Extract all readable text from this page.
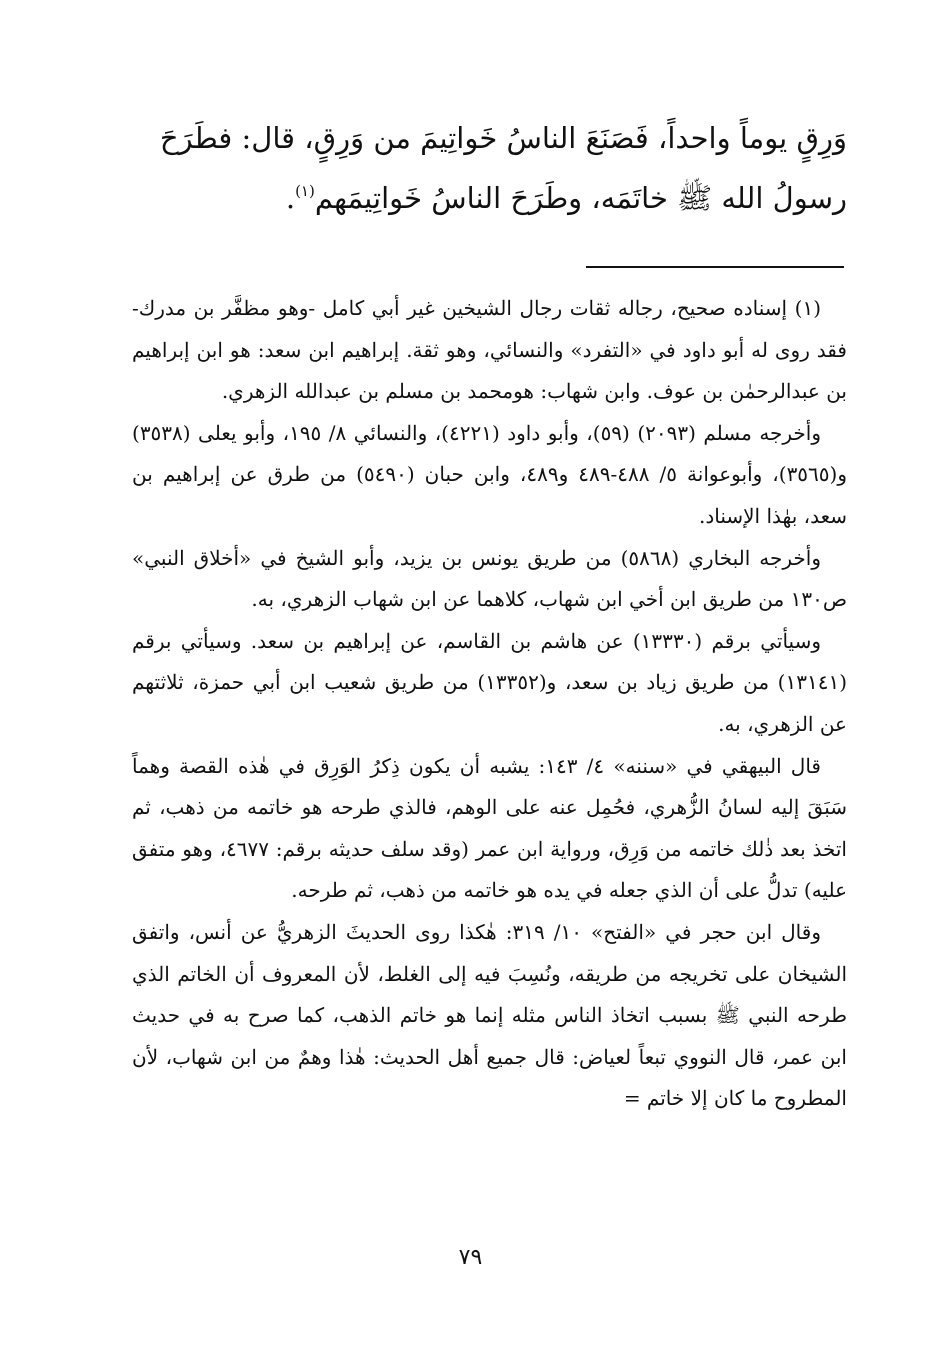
وَرِقٍ يوماً واحداً، فَصَنَعَ الناسُ خَواتِيمَ من وَرِقٍ، قال: فطَرَحَ

رسولُ الله ﷺ خاتَمَه، وطَرَحَ الناسُ خَواتِيمَهم$^{(١)}$.

(١) إسناده صحيح، رجاله ثقات رجال الشيخين غير أبي كامل -وهو مظفَّر بن مدرك- فقد روى له أبو داود في «التفرد» والنسائي، وهو ثقة. إبراهيم ابن سعد: هو ابن إبراهيم بن عبدالرحمٰن بن عوف. وابن شهاب: هومحمد بن مسلم بن عبدالله الزهري.

وأخرجه مسلم (٢٠٩٣) (٥٩)، وأبو داود (٤٢٢١)، والنسائي ٨/ ١٩٥، وأبو يعلى (٣٥٣٨) و(٣٥٦٥)، وأبوعوانة ٥/ ٤٨٨-٤٨٩ و٤٨٩، وابن حبان (٥٤٩٠) من طرق عن إبراهيم بن سعد، بهٰذا الإسناد.

وأخرجه البخاري (٥٨٦٨) من طريق يونس بن يزيد، وأبو الشيخ في «أخلاق النبي» ص١٣٠ من طريق ابن أخي ابن شهاب، كلاهما عن ابن شهاب الزهري، به.

وسيأتي برقم (١٣٣٣٠) عن هاشم بن القاسم، عن إبراهيم بن سعد. وسيأتي برقم (١٣١٤١) من طريق زياد بن سعد، و(١٣٣٥٢) من طريق شعيب ابن أبي حمزة، ثلاثتهم عن الزهري، به.

قال البيهقي في «سننه» ٤/ ١٤٣: يشبه أن يكون ذِكرُ الوَرِق في هٰذه القصة وهماً سَبَقَ إليه لسانُ الزُّهري، فحُمِل عنه على الوهم، فالذي طرحه هو خاتمه من ذهب، ثم اتخذ بعد ذٰلك خاتمه من وَرِق، ورواية ابن عمر (وقد سلف حديثه برقم: ٤٦٧٧، وهو متفق عليه) تدلُّ على أن الذي جعله في يده هو خاتمه من ذهب، ثم طرحه.

وقال ابن حجر في «الفتح» ١٠/ ٣١٩: هٰكذا روى الحديثَ الزهريُّ عن أنس، واتفق الشيخان على تخريجه من طريقه، ونُسِبَ فيه إلى الغلط، لأن المعروف أن الخاتم الذي طرحه النبي ﷺ بسبب اتخاذ الناس مثله إنما هو خاتم الذهب، كما صرح به في حديث ابن عمر، قال النووي تبعاً لعياض: قال جميع أهل الحديث: هٰذا وهمٌ من ابن شهاب، لأن المطروح ما كان إلا خاتم =

٧٩
